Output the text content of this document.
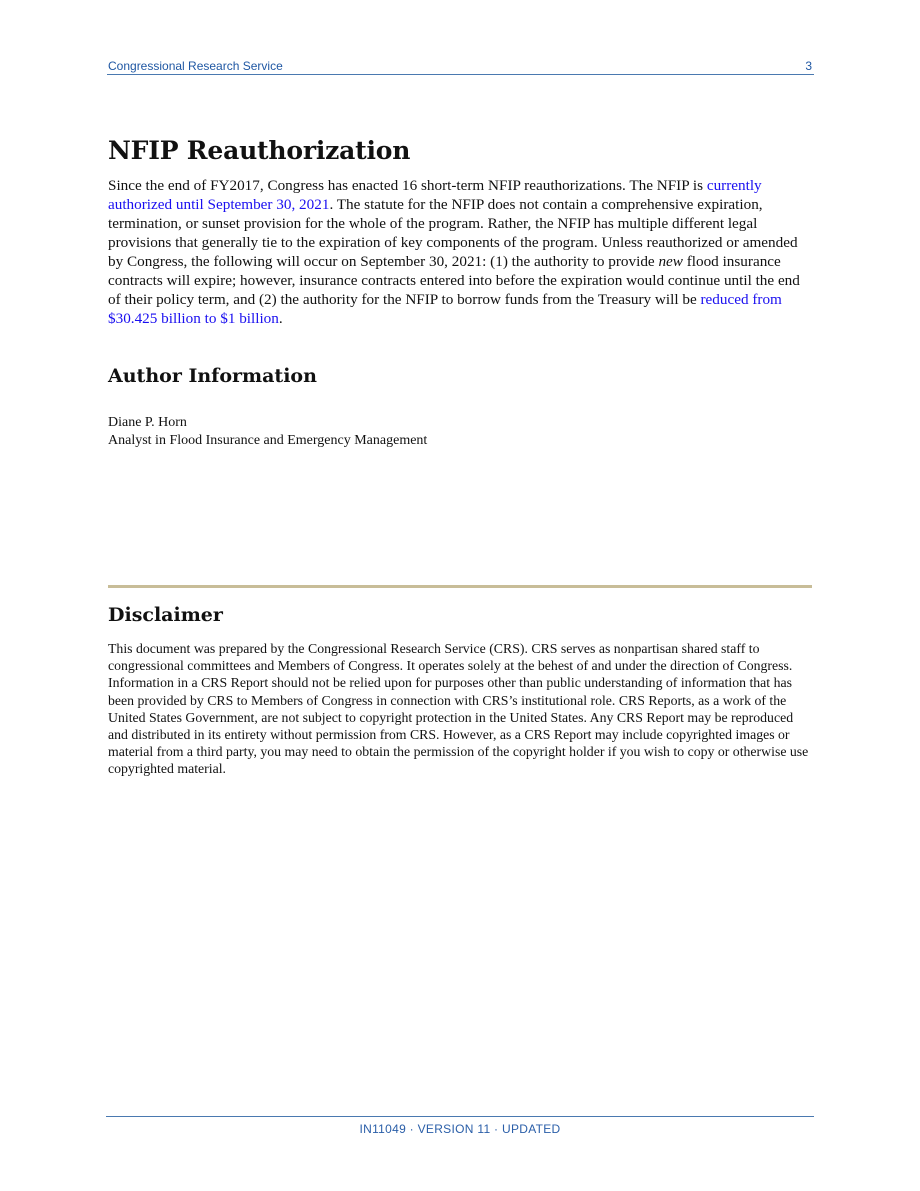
Congressional Research Service	3
NFIP Reauthorization

Since the end of FY2017, Congress has enacted 16 short-term NFIP reauthorizations. The NFIP is currently authorized until September 30, 2021. The statute for the NFIP does not contain a comprehensive expiration, termination, or sunset provision for the whole of the program. Rather, the NFIP has multiple different legal provisions that generally tie to the expiration of key components of the program. Unless reauthorized or amended by Congress, the following will occur on September 30, 2021: (1) the authority to provide new flood insurance contracts will expire; however, insurance contracts entered into before the expiration would continue until the end of their policy term, and (2) the authority for the NFIP to borrow funds from the Treasury will be reduced from $30.425 billion to $1 billion.

Author Information
Diane P. Horn
Analyst in Flood Insurance and Emergency Management
Disclaimer

This document was prepared by the Congressional Research Service (CRS). CRS serves as nonpartisan shared staff to congressional committees and Members of Congress. It operates solely at the behest of and under the direction of Congress. Information in a CRS Report should not be relied upon for purposes other than public understanding of information that has been provided by CRS to Members of Congress in connection with CRS’s institutional role. CRS Reports, as a work of the United States Government, are not subject to copyright protection in the United States. Any CRS Report may be reproduced and distributed in its entirety without permission from CRS. However, as a CRS Report may include copyrighted images or material from a third party, you may need to obtain the permission of the copyright holder if you wish to copy or otherwise use copyrighted material.

IN11049 · VERSION 11 · UPDATED
